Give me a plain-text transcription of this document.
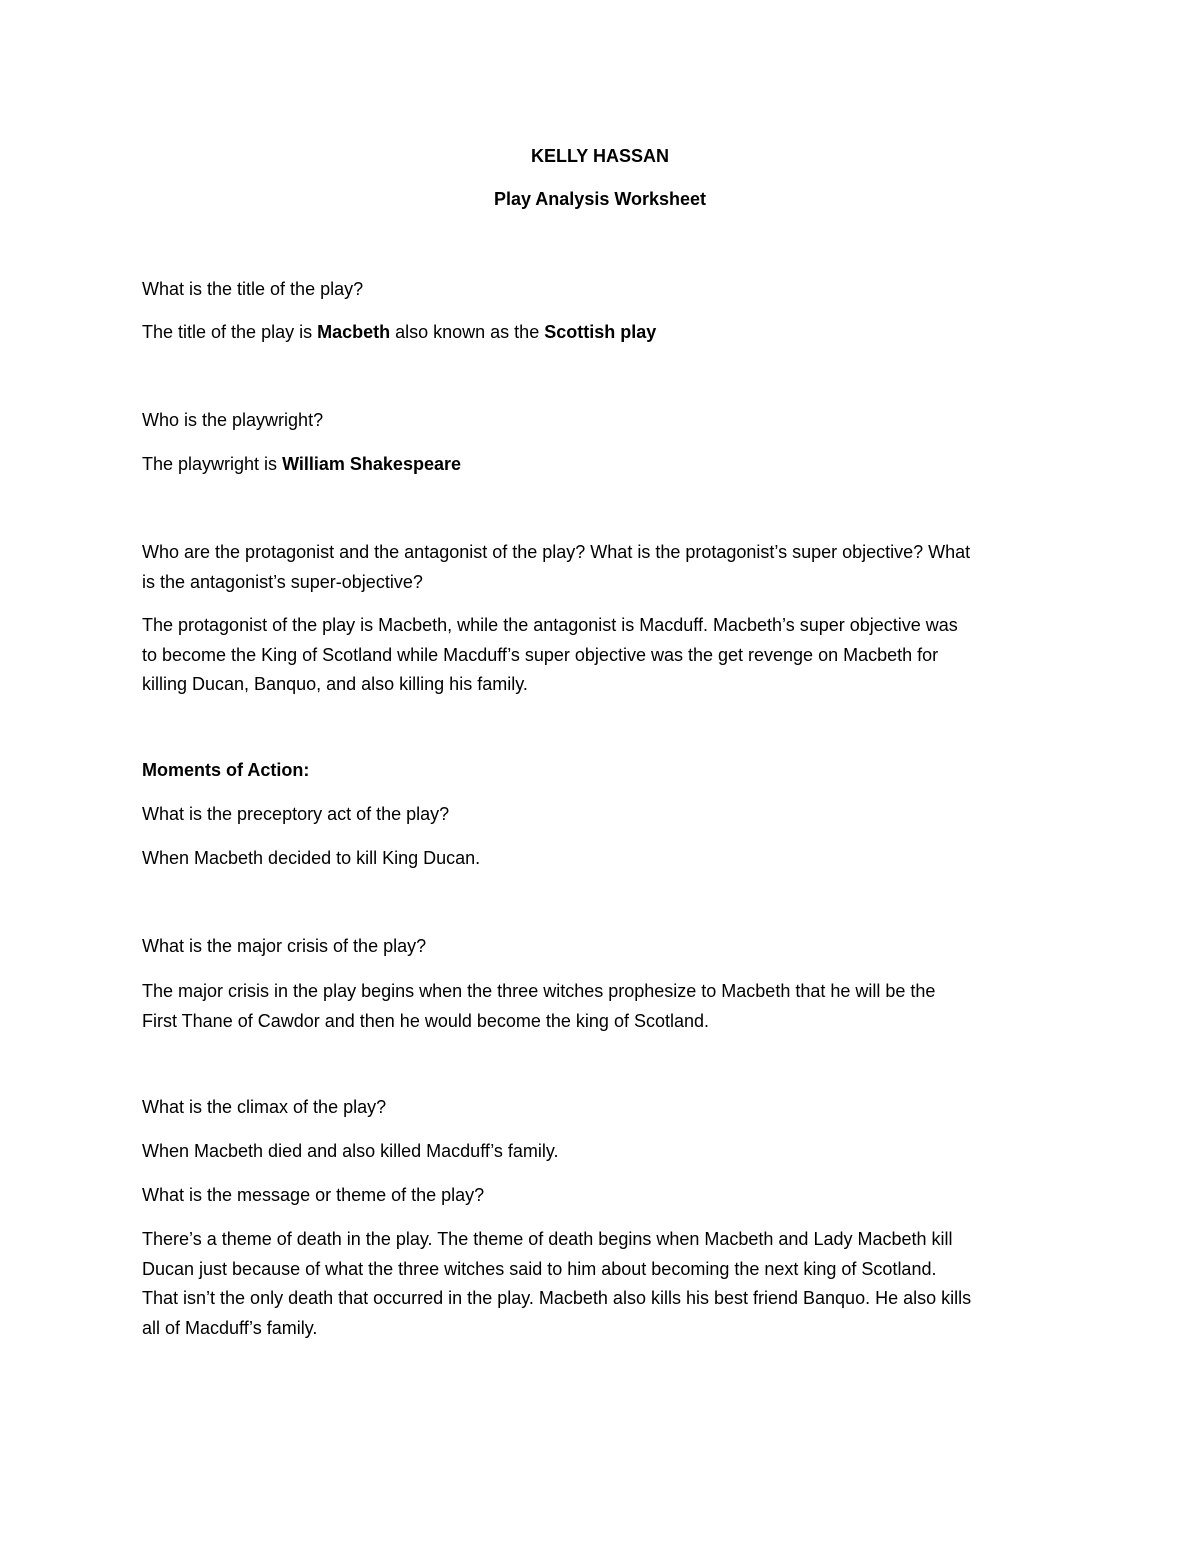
KELLY HASSAN
Play Analysis Worksheet
What is the title of the play?
The title of the play is Macbeth also known as the Scottish play
Who is the playwright?
The playwright is William Shakespeare
Who are the protagonist and the antagonist of the play? What is the protagonist’s super objective? What
is the antagonist’s super-objective?
The protagonist of the play is Macbeth, while the antagonist is Macduff. Macbeth’s super objective was
to become the King of Scotland while Macduff’s super objective was the get revenge on Macbeth for
killing Ducan, Banquo, and also killing his family.
Moments of Action:
What is the preceptory act of the play?
When Macbeth decided to kill King Ducan.
What is the major crisis of the play?
The major crisis in the play begins when the three witches prophesize to Macbeth that he will be the
First Thane of Cawdor and then he would become the king of Scotland.
What is the climax of the play?
When Macbeth died and also killed Macduff’s family.
What is the message or theme of the play?
There’s a theme of death in the play. The theme of death begins when Macbeth and Lady Macbeth kill
Ducan just because of what the three witches said to him about becoming the next king of Scotland.
That isn’t the only death that occurred in the play. Macbeth also kills his best friend Banquo. He also kills
all of Macduff’s family.
